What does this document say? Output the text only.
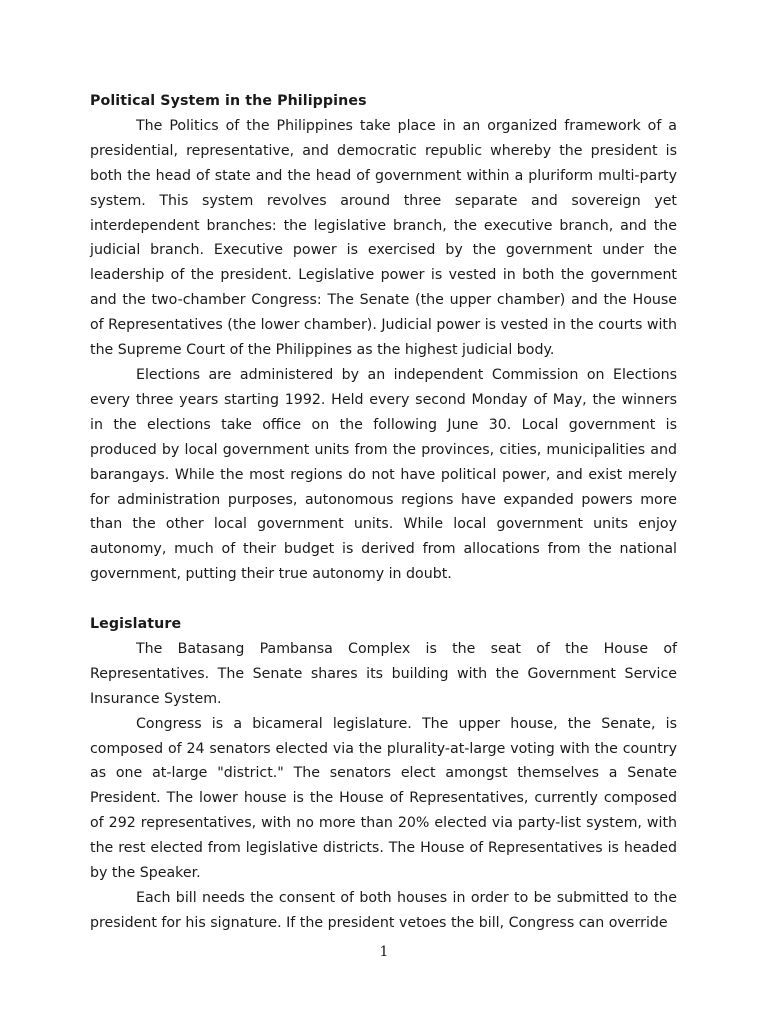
Political System in the Philippines

The Politics of the Philippines take place in an organized framework of a presidential, representative, and democratic republic whereby the president is both the head of state and the head of government within a pluriform multi-party system. This system revolves around three separate and sovereign yet interdependent branches: the legislative branch, the executive branch, and the judicial branch. Executive power is exercised by the government under the leadership of the president. Legislative power is vested in both the government and the two-chamber Congress: The Senate (the upper chamber) and the House of Representatives (the lower chamber). Judicial power is vested in the courts with the Supreme Court of the Philippines as the highest judicial body.

Elections are administered by an independent Commission on Elections every three years starting 1992. Held every second Monday of May, the winners in the elections take office on the following June 30. Local government is produced by local government units from the provinces, cities, municipalities and barangays. While the most regions do not have political power, and exist merely for administration purposes, autonomous regions have expanded powers more than the other local government units. While local government units enjoy autonomy, much of their budget is derived from allocations from the national government, putting their true autonomy in doubt.

Legislature

The Batasang Pambansa Complex is the seat of the House of Representatives. The Senate shares its building with the Government Service Insurance System.

Congress is a bicameral legislature. The upper house, the Senate, is composed of 24 senators elected via the plurality-at-large voting with the country as one at-large "district." The senators elect amongst themselves a Senate President. The lower house is the House of Representatives, currently composed of 292 representatives, with no more than 20% elected via party-list system, with the rest elected from legislative districts. The House of Representatives is headed by the Speaker.

Each bill needs the consent of both houses in order to be submitted to the president for his signature. If the president vetoes the bill, Congress can override

1
